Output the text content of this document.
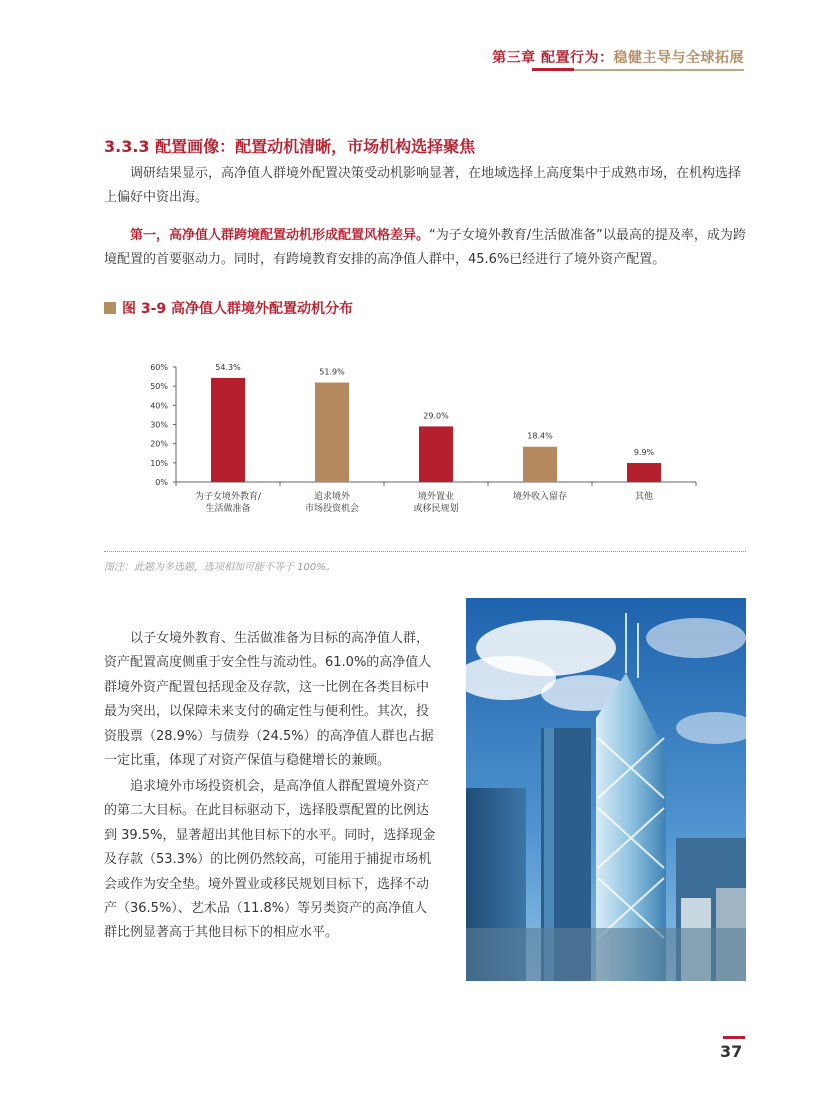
第三章 配置行为：稳健主导与全球拓展
3.3.3 配置画像：配置动机清晰，市场机构选择聚焦

调研结果显示，高净值人群境外配置决策受动机影响显著，在地域选择上高度集中于成熟市场，在机构选择上偏好中资出海。

第一，高净值人群跨境配置动机形成配置风格差异。“为子女境外教育/生活做准备”以最高的提及率，成为跨境配置的首要驱动力。同时，有跨境教育安排的高净值人群中，45.6%已经进行了境外资产配置。

图 3-9 高净值人群境外配置动机分布
0%
10%
20%
30%
40%
50%
60%	54.3%
为子女境外教育/
生活做准备
51.9%
追求境外
市场投资机会
29.0%
境外置业
或移民规划
18.4%
境外收入留存
9.9%
其他
图注：此题为多选题，选项相加可能不等于 100%。

以子女境外教育、生活做准备为目标的高净值人群，资产配置高度侧重于安全性与流动性。61.0%的高净值人群境外资产配置包括现金及存款，这一比例在各类目标中最为突出，以保障未来支付的确定性与便利性。其次，投资股票（28.9%）与债券（24.5%）的高净值人群也占据一定比重，体现了对资产保值与稳健增长的兼顾。

追求境外市场投资机会，是高净值人群配置境外资产的第二大目标。在此目标驱动下，选择股票配置的比例达到 39.5%，显著超出其他目标下的水平。同时，选择现金及存款（53.3%）的比例仍然较高，可能用于捕捉市场机会或作为安全垫。境外置业或移民规划目标下，选择不动产（36.5%）、艺术品（11.8%）等另类资产的高净值人群比例显著高于其他目标下的相应水平。

37
